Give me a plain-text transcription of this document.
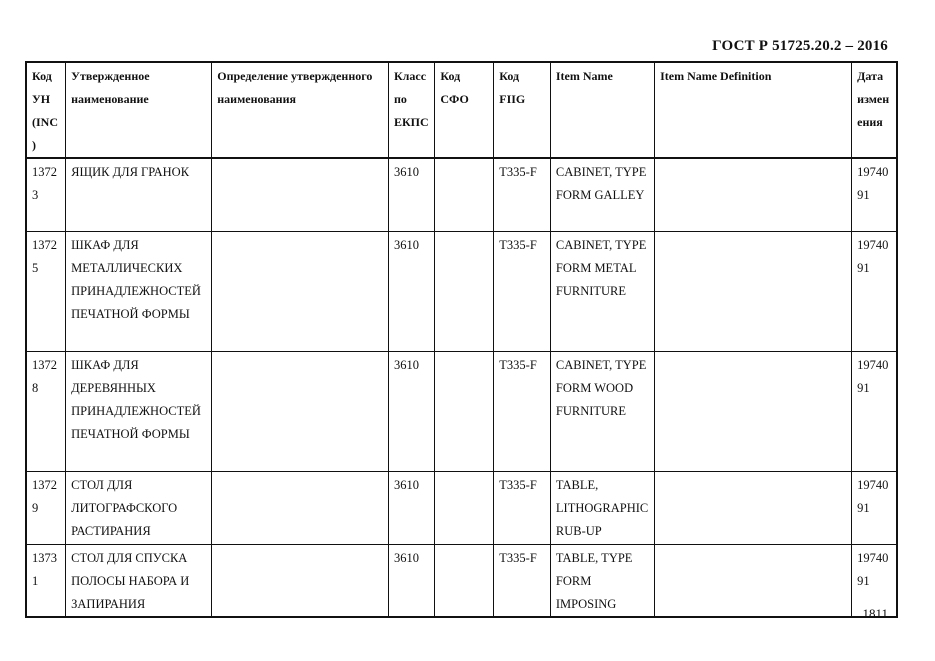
ГОСТ Р 51725.20.2 – 2016
Код УН (INC)	Утвержденное наименование	Определение утвержденного наименования	Класс по ЕКПС	Код СФО	Код FIIG	Item Name	Item Name Definition	Дата изменения
13723	ЯЩИК ДЛЯ ГРАНОК		3610		T335-F	CABINET, TYPE FORM GALLEY		1974091
13725	ШКАФ ДЛЯ МЕТАЛЛИЧЕСКИХ ПРИНАДЛЕЖНОСТЕЙ ПЕЧАТНОЙ ФОРМЫ		3610		T335-F	CABINET, TYPE FORM METAL FURNITURE		1974091
13728	ШКАФ ДЛЯ ДЕРЕВЯННЫХ ПРИНАДЛЕЖНОСТЕЙ ПЕЧАТНОЙ ФОРМЫ		3610		T335-F	CABINET, TYPE FORM WOOD FURNITURE		1974091
13729	СТОЛ ДЛЯ ЛИТОГРАФСКОГО РАСТИРАНИЯ		3610		T335-F	TABLE, LITHOGRAPHIC RUB-UP		1974091
13731	СТОЛ ДЛЯ СПУСКА ПОЛОСЫ НАБОРА И ЗАПИРАНИЯ		3610		T335-F	TABLE, TYPE FORM IMPOSING		1974091
1811
